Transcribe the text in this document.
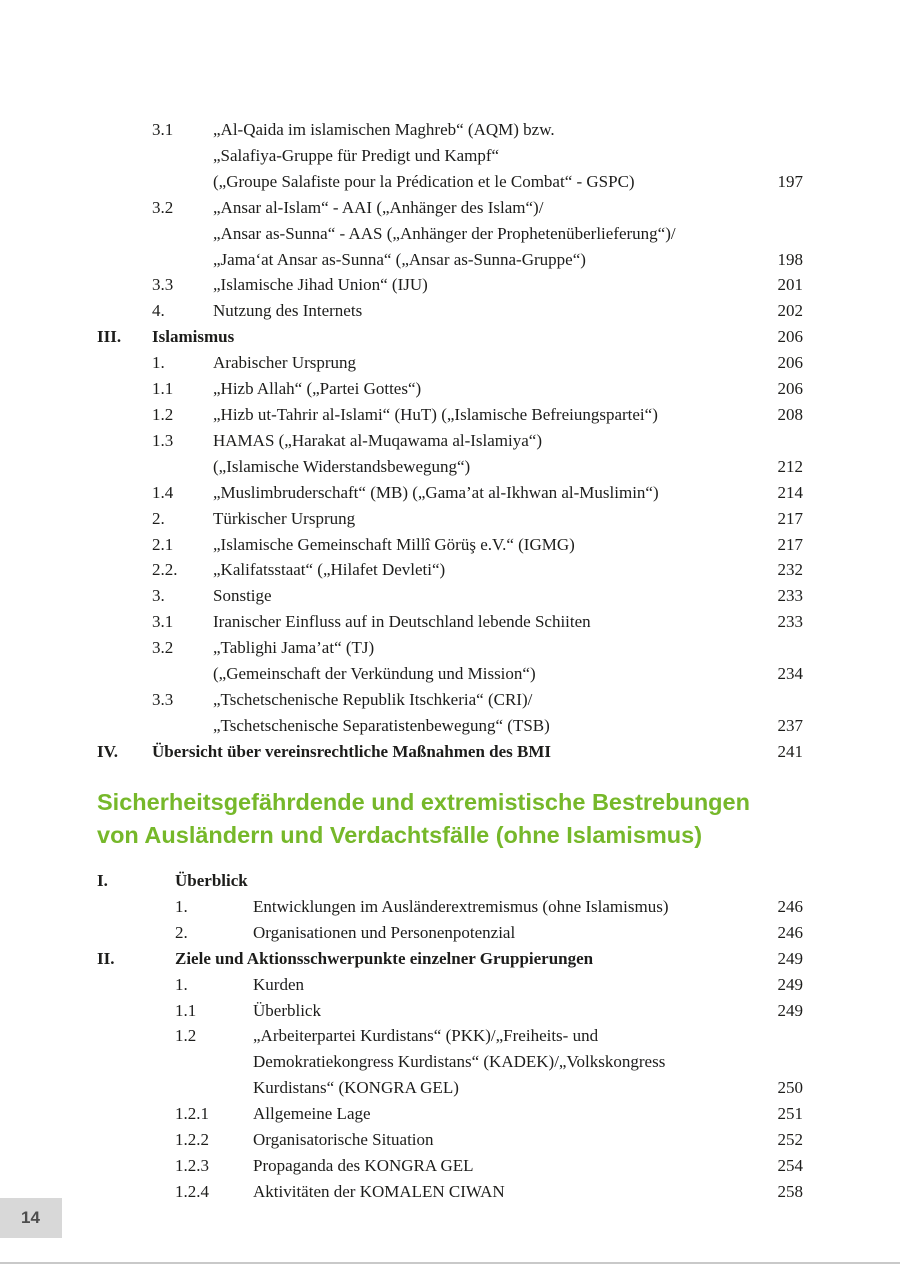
3.1	„Al-Qaida im islamischen Maghreb“ (AQM) bzw.
„Salafiya-Gruppe für Predigt und Kampf“
(„Groupe Salafiste pour la Prédication et le Combat“ - GSPC)	197
3.2	„Ansar al-Islam“ - AAI („Anhänger des Islam“)/
„Ansar as-Sunna“ - AAS („Anhänger der Prophetenüberlieferung“)/
„Jama‘at Ansar as-Sunna“ („Ansar as-Sunna-Gruppe“)	198
3.3	„Islamische Jihad Union“ (IJU)	201
4.	Nutzung des Internets	202
III.	Islamismus	206
1.	Arabischer Ursprung	206
1.1	„Hizb Allah“ („Partei Gottes“)	206
1.2	„Hizb ut-Tahrir al-Islami“ (HuT) („Islamische Befreiungspartei“)	208
1.3	HAMAS („Harakat al-Muqawama al-Islamiya“)
(„Islamische Widerstandsbewegung“)	212
1.4	„Muslimbruderschaft“ (MB) („Gama’at al-Ikhwan al-Muslimin“)	214
2.	Türkischer Ursprung	217
2.1	„Islamische Gemeinschaft Millî Görüş e.V.“ (IGMG)	217
2.2.	„Kalifatsstaat“ („Hilafet Devleti“)	232
3.	Sonstige	233
3.1	Iranischer Einfluss auf in Deutschland lebende Schiiten	233
3.2	„Tablighi Jama’at“ (TJ)
(„Gemeinschaft der Verkündung und Mission“)	234
3.3	„Tschetschenische Republik Itschkeria“ (CRI)/
„Tschetschenische Separatistenbewegung“ (TSB)	237
IV.	Übersicht über vereinsrechtliche Maßnahmen des BMI	241
Sicherheitsgefährdende und extremistische Bestrebungen
von Ausländern und Verdachtsfälle (ohne Islamismus)
I.	Überblick
1.	Entwicklungen im Ausländerextremismus (ohne Islamismus)	246
2.	Organisationen und Personenpotenzial	246
II.	Ziele und Aktionsschwerpunkte einzelner Gruppierungen	249
1.	Kurden	249
1.1	Überblick	249
1.2	„Arbeiterpartei Kurdistans“ (PKK)/„Freiheits- und
Demokratiekongress Kurdistans“ (KADEK)/„Volkskongress
Kurdistans“ (KONGRA GEL)	250
1.2.1	Allgemeine Lage	251
1.2.2	Organisatorische Situation	252
1.2.3	Propaganda des KONGRA GEL	254
1.2.4	Aktivitäten der KOMALEN CIWAN	258
14
